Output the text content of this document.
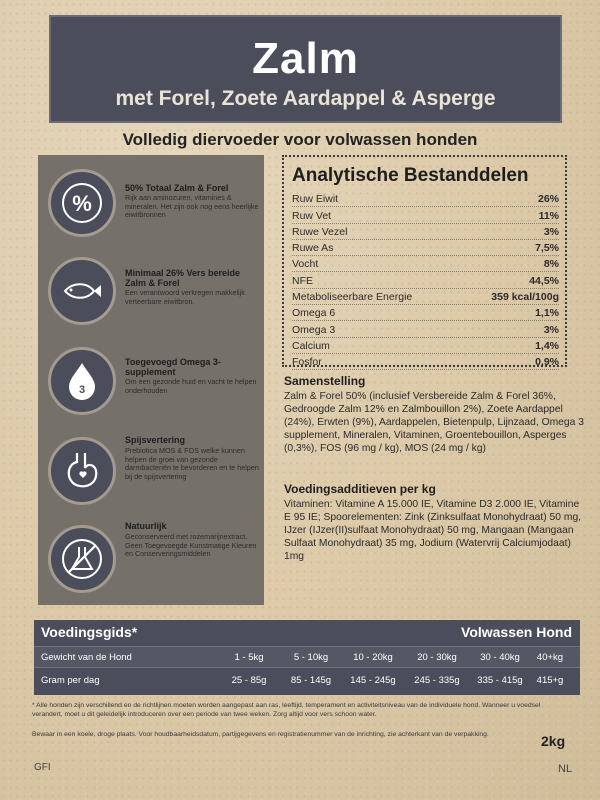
Zalm
met Forel, Zoete Aardappel & Asperge
Volledig diervoeder voor volwassen honden
%
50% Totaal Zalm & Forel
Rijk aan aminozuren, vitamines & mineralen. Het zijn ook nog eens heerlijke eiwitbronnen
Minimaal 26% Vers bereide Zalm & Forel
Een verantwoord verkregen makkelijk verteerbare eiwitbron.
3
Toegevoegd Omega 3-supplement
Om een gezonde huid en vacht te helpen onderhouden
Spijsvertering
Prebiotica MOS & FOS welke kunnen helpen de groei van gezonde darmbacteriën te bevorderen en te helpen bij de spijsvertering
Natuurlijk
Geconserveerd met rozemarijnextract. Geen Toegevoegde Kunstmatige Kleuren en Conserveringsmiddelen
Analytische Bestanddelen
Ruw Eiwit	26%
Ruw Vet	11%
Ruwe Vezel	3%
Ruwe As	7,5%
Vocht	8%
NFE	44,5%
Metaboliseerbare Energie	359 kcal/100g
Omega 6	1,1%
Omega 3	3%
Calcium	1,4%
Fosfor	0,9%
Samenstelling

Zalm & Forel 50% (inclusief Versbereide Zalm & Forel 36%, Gedroogde Zalm 12% en Zalmbouillon 2%), Zoete Aardappel (24%), Erwten (9%), Aardappelen, Bietenpulp, Lijnzaad, Omega 3 supplement, Mineralen, Vitaminen, Groentebouillon, Asperges (0,3%), FOS (96 mg / kg), MOS (24 mg / kg)

Voedingsadditieven per kg

Vitaminen: Vitamine A 15.000 IE, Vitamine D3 2.000 IE, Vitamine E 95 IE; Spoorelementen: Zink (Zinksulfaat Monohydraat) 50 mg, IJzer (IJzer(II)sulfaat Monohydraat) 50 mg, Mangaan (Mangaan Sulfaat Monohydraat) 35 mg, Jodium (Watervrij Calciumjodaat) 1mg

Voedingsgids*	Volwassen Hond
Gewicht van de Hond	1 - 5kg	5 - 10kg	10 - 20kg	20 - 30kg	30 - 40kg	40+kg
Gram per dag	25 - 85g	85 - 145g	145 - 245g	245 - 335g	335 - 415g	415+g
* Alle honden zijn verschillend en de richtlijnen moeten worden aangepast aan ras, leeftijd, temperament en activiteitsniveau van de individuele hond. Wanneer u voedsel verandert, moet u dit geleidelijk introduceren over een periode van twee weken. Zorg altijd voor vers schoon water.
Bewaar in een koele, droge plaats. Voor houdbaarheidsdatum, partijgegevens en registratienummer van de inrichting, zie achterkant van de verpakking.	2kg
GFI	NL
